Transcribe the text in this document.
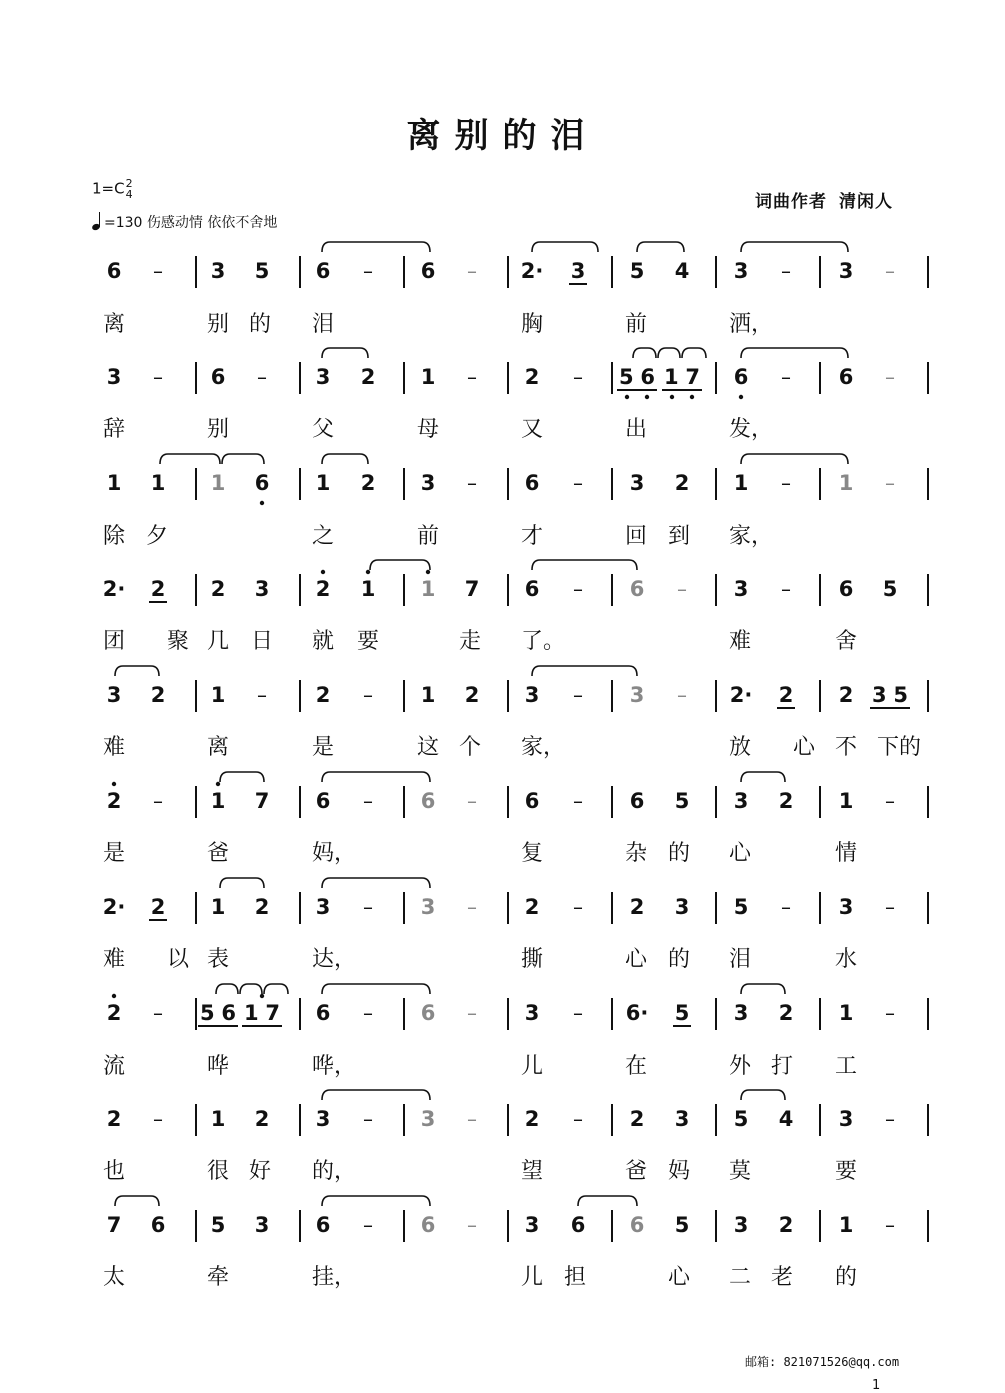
离别的泪
1=C 2
4
=130 伤感动情 依依不舍地
词曲作者 清闲人
6 – 3 5 6 – 6 – 2· 3 5 4 3 – 3 –
离	别 的 泪	胸	前	洒，
3 – 6 – 3 2 1 – 2 – 56 17 6 – 6 –
辞	别	父	母	又	出	发，
1 1 1 6 1 2 3 – 6 – 3 2 1 – 1 –
除 夕	之	前	才	回 到 家，
2· 2 2 3 2 1 1 7 6 – 6 – 3 – 6 5
团 聚 几 日 就 要	走 了。	难	舍
3 2 1 – 2 – 1 2 3 – 3 – 2· 2 2 35
难	离	是	这 个 家，	放 心 不 下的
2 – 1 7 6 – 6 – 6 – 6 5 3 2 1 –
是	爸	妈，	复	杂 的 心	情
2· 2 1 2 3 – 3 – 2 – 2 3 5 – 3 –
难 以 表	达，	撕	心 的 泪	水
2 – 56 17 6 – 6 – 3 – 6· 5 3 2 1 –
流	哗	哗，	儿	在	外 打 工
2 – 1 2 3 – 3 – 2 – 2 3 5 4 3 –
也	很 好 的，	望	爸 妈 莫	要
7 6 5 3 6 – 6 – 3 6 6 5 3 2 1 –
太	牵	挂，	儿 担	心 二 老 的
邮箱: 821071526@qq.com
1
